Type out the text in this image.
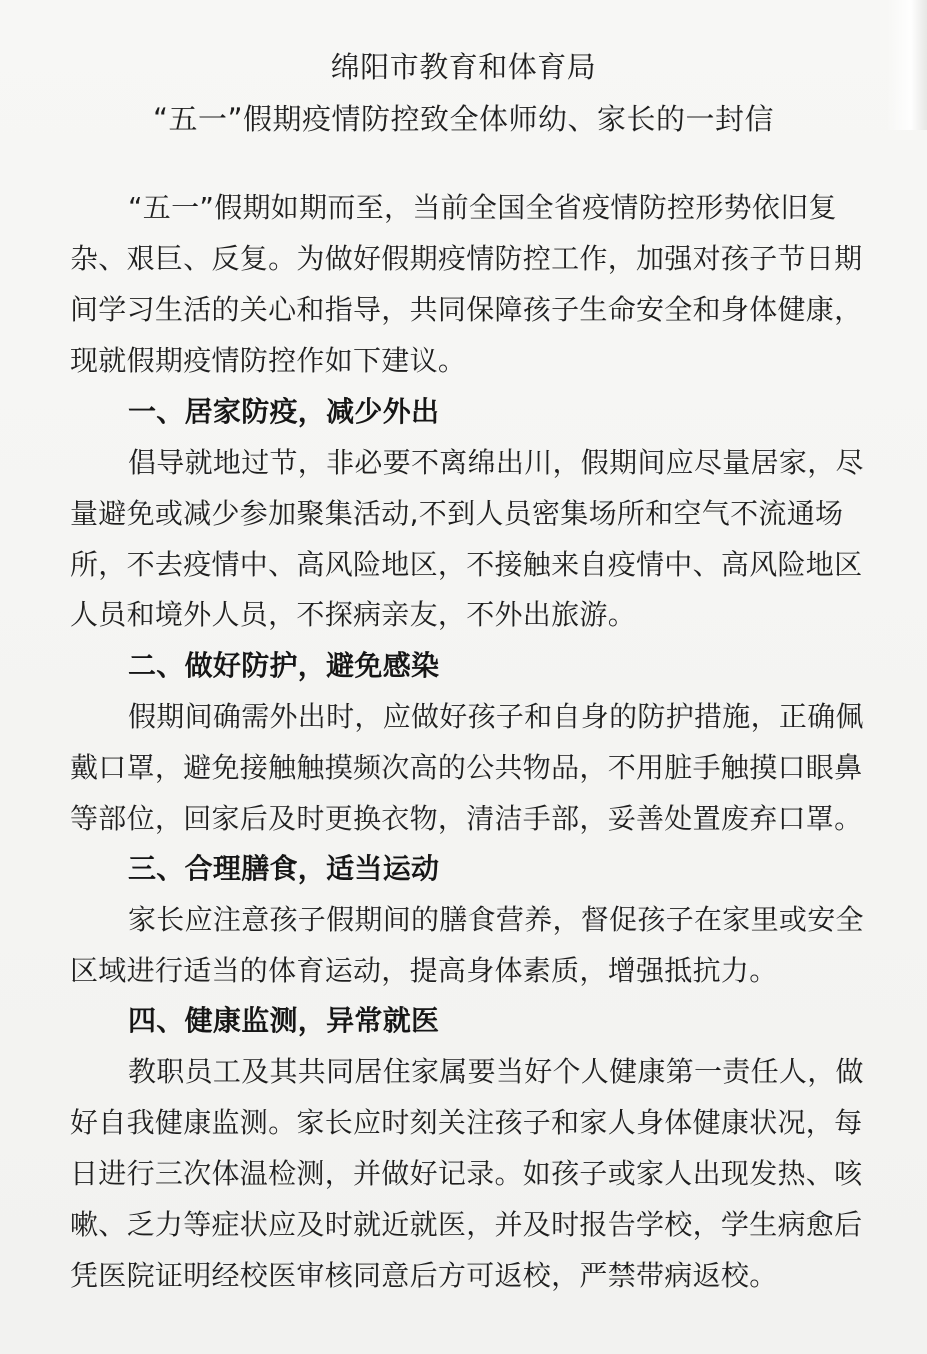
绵阳市教育和体育局
“五一”假期疫情防控致全体师幼、家长的一封信
“五一”假期如期而至，当前全国全省疫情防控形势依旧复
杂、艰巨、反复。为做好假期疫情防控工作，加强对孩子节日期
间学习生活的关心和指导，共同保障孩子生命安全和身体健康，
现就假期疫情防控作如下建议。
一、居家防疫，减少外出
倡导就地过节，非必要不离绵出川，假期间应尽量居家，尽
量避免或减少参加聚集活动,不到人员密集场所和空气不流通场
所，不去疫情中、高风险地区，不接触来自疫情中、高风险地区
人员和境外人员，不探病亲友，不外出旅游。
二、做好防护，避免感染
假期间确需外出时，应做好孩子和自身的防护措施，正确佩
戴口罩，避免接触触摸频次高的公共物品，不用脏手触摸口眼鼻
等部位，回家后及时更换衣物，清洁手部，妥善处置废弃口罩。
三、合理膳食，适当运动
家长应注意孩子假期间的膳食营养，督促孩子在家里或安全
区域进行适当的体育运动，提高身体素质，增强抵抗力。
四、健康监测，异常就医
教职员工及其共同居住家属要当好个人健康第一责任人，做
好自我健康监测。家长应时刻关注孩子和家人身体健康状况，每
日进行三次体温检测，并做好记录。如孩子或家人出现发热、咳
嗽、乏力等症状应及时就近就医，并及时报告学校，学生病愈后
凭医院证明经校医审核同意后方可返校，严禁带病返校。
